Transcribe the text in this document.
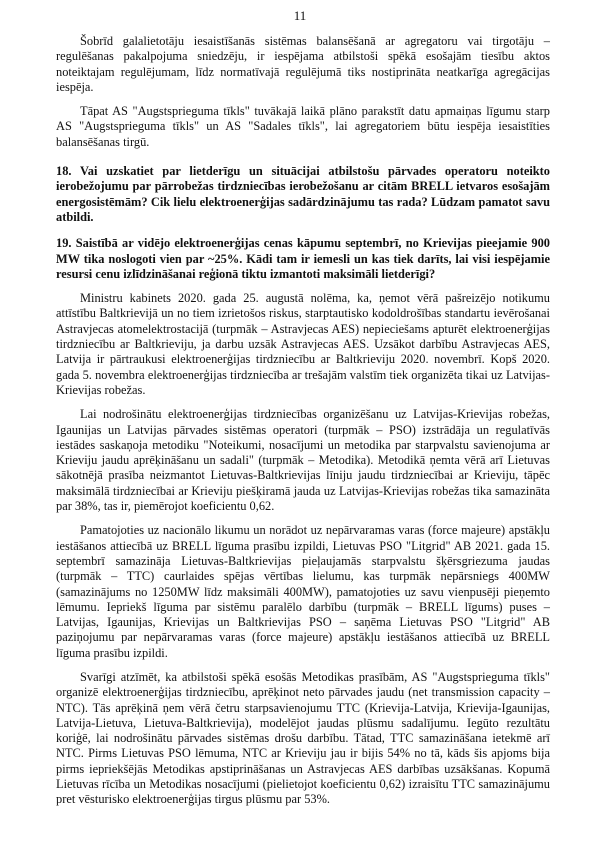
11

Šobrīd galalietotāju iesaistīšanās sistēmas balansēšanā ar agregatoru vai tirgotāju – regulēšanas pakalpojuma sniedzēju, ir iespējama atbilstoši spēkā esošajām tiesību aktos noteiktajam regulējumam, līdz normatīvajā regulējumā tiks nostiprināta neatkarīga agregācijas iespēja.

Tāpat AS "Augstsprieguma tīkls" tuvākajā laikā plāno parakstīt datu apmaiņas līgumu starp AS "Augstsprieguma tīkls" un AS "Sadales tīkls", lai agregatoriem būtu iespēja iesaistīties balansēšanas tirgū.

18. Vai uzskatiet par lietderīgu un situācijai atbilstošu pārvades operatoru noteikto ierobežojumu par pārrobežas tirdzniecības ierobežošanu ar citām BRELL ietvaros esošajām energosistēmām? Cik lielu elektroenerģijas sadārdzinājumu tas rada? Lūdzam pamatot savu atbildi.

19. Saistībā ar vidējo elektroenerģijas cenas kāpumu septembrī, no Krievijas pieejamie 900 MW tika noslogoti vien par ~25%. Kādi tam ir iemesli un kas tiek darīts, lai visi iespējamie resursi cenu izlīdzināšanai reģionā tiktu izmantoti maksimāli lietderīgi?

Ministru kabinets 2020. gada 25. augustā nolēma, ka, ņemot vērā pašreizējo notikumu attīstību Baltkrievijā un no tiem izrietošos riskus, starptautisko kodoldrošības standartu ievērošanai Astravjecas atomelektrostacijā (turpmāk – Astravjecas AES) nepieciešams apturēt elektroenerģijas tirdzniecību ar Baltkrieviju, ja darbu uzsāk Astravjecas AES. Uzsākot darbību Astravjecas AES, Latvija ir pārtraukusi elektroenerģijas tirdzniecību ar Baltkrieviju 2020. novembrī. Kopš 2020. gada 5. novembra elektroenerģijas tirdzniecība ar trešajām valstīm tiek organizēta tikai uz Latvijas-Krievijas robežas.

Lai nodrošinātu elektroenerģijas tirdzniecības organizēšanu uz Latvijas-Krievijas robežas, Igaunijas un Latvijas pārvades sistēmas operatori (turpmāk – PSO) izstrādāja un regulatīvās iestādes saskaņoja metodiku "Noteikumi, nosacījumi un metodika par starpvalstu savienojuma ar Krieviju jaudu aprēķināšanu un sadali" (turpmāk – Metodika). Metodikā ņemta vērā arī Lietuvas sākotnējā prasība neizmantot Lietuvas-Baltkrievijas līniju jaudu tirdzniecībai ar Krieviju, tāpēc maksimālā tirdzniecībai ar Krieviju piešķiramā jauda uz Latvijas-Krievijas robežas tika samazināta par 38%, tas ir, piemērojot koeficientu 0,62.

Pamatojoties uz nacionālo likumu un norādot uz nepārvaramas varas (force majeure) apstākļu iestāšanos attiecībā uz BRELL līguma prasību izpildi, Lietuvas PSO "Litgrid" AB 2021. gada 15. septembrī samazināja Lietuvas-Baltkrievijas pieļaujamās starpvalstu šķērsgriezuma jaudas (turpmāk – TTC) caurlaides spējas vērtības lielumu, kas turpmāk nepārsniegs 400MW (samazinājums no 1250MW līdz maksimāli 400MW), pamatojoties uz savu vienpusēji pieņemto lēmumu. Iepriekš līguma par sistēmu paralēlo darbību (turpmāk – BRELL līgums) puses – Latvijas, Igaunijas, Krievijas un Baltkrievijas PSO – saņēma Lietuvas PSO "Litgrid" AB paziņojumu par nepārvaramas varas (force majeure) apstākļu iestāšanos attiecībā uz BRELL līguma prasību izpildi.

Svarīgi atzīmēt, ka atbilstoši spēkā esošās Metodikas prasībām, AS "Augstsprieguma tīkls" organizē elektroenerģijas tirdzniecību, aprēķinot neto pārvades jaudu (net transmission capacity – NTC). Tās aprēķinā ņem vērā četru starpsavienojumu TTC (Krievija-Latvija, Krievija-Igaunijas, Latvija-Lietuva, Lietuva-Baltkrievija), modelējot jaudas plūsmu sadalījumu. Iegūto rezultātu koriģē, lai nodrošinātu pārvades sistēmas drošu darbību. Tātad, TTC samazināšana ietekmē arī NTC. Pirms Lietuvas PSO lēmuma, NTC ar Krieviju jau ir bijis 54% no tā, kāds šis apjoms bija pirms iepriekšējās Metodikas apstiprināšanas un Astravjecas AES darbības uzsākšanas. Kopumā Lietuvas rīcība un Metodikas nosacījumi (pielietojot koeficientu 0,62) izraisītu TTC samazinājumu pret vēsturisko elektroenerģijas tirgus plūsmu par 53%.
